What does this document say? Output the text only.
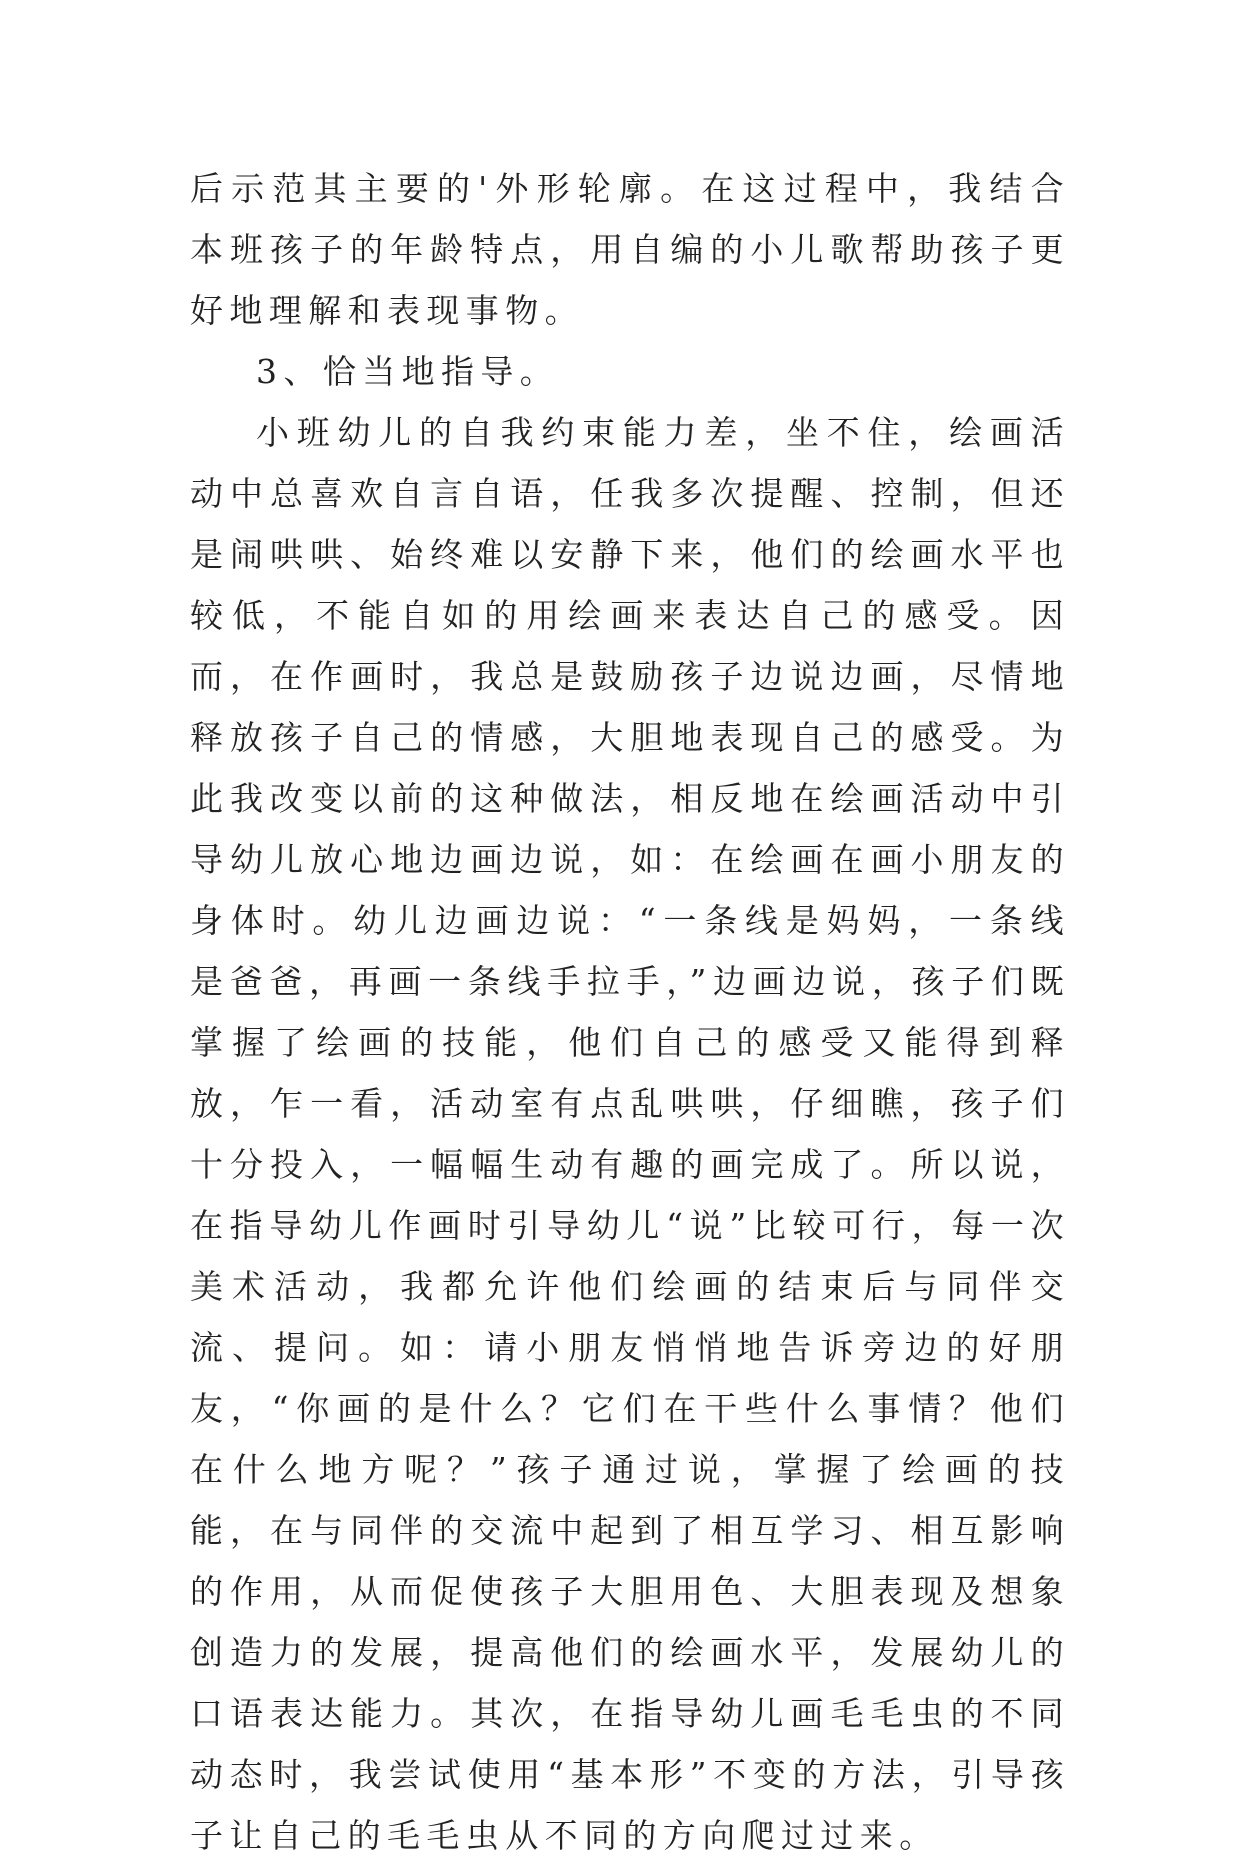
后示范其主要的'外形轮廓。在这过程中，我结合本班孩子的年龄特点，用自编的小儿歌帮助孩子更好地理解和表现事物。

3、恰当地指导。

小班幼儿的自我约束能力差，坐不住，绘画活动中总喜欢自言自语，任我多次提醒、控制，但还是闹哄哄、始终难以安静下来，他们的绘画水平也较低，不能自如的用绘画来表达自己的感受。因而，在作画时，我总是鼓励孩子边说边画，尽情地释放孩子自己的情感，大胆地表现自己的感受。为此我改变以前的这种做法，相反地在绘画活动中引导幼儿放心地边画边说，如：在绘画在画小朋友的身体时。幼儿边画边说：“一条线是妈妈，一条线是爸爸，再画一条线手拉手，”边画边说，孩子们既掌握了绘画的技能，他们自己的感受又能得到释放，乍一看，活动室有点乱哄哄，仔细瞧，孩子们十分投入，一幅幅生动有趣的画完成了。所以说，在指导幼儿作画时引导幼儿“说”比较可行，每一次美术活动，我都允许他们绘画的结束后与同伴交流、提问。如：请小朋友悄悄地告诉旁边的好朋友，“你画的是什么？它们在干些什么事情？他们在什么地方呢？”孩子通过说，掌握了绘画的技能，在与同伴的交流中起到了相互学习、相互影响的作用，从而促使孩子大胆用色、大胆表现及想象创造力的发展，提高他们的绘画水平，发展幼儿的口语表达能力。其次，在指导幼儿画毛毛虫的不同动态时，我尝试使用“基本形”不变的方法，引导孩子让自己的毛毛虫从不同的方向爬过过来。
